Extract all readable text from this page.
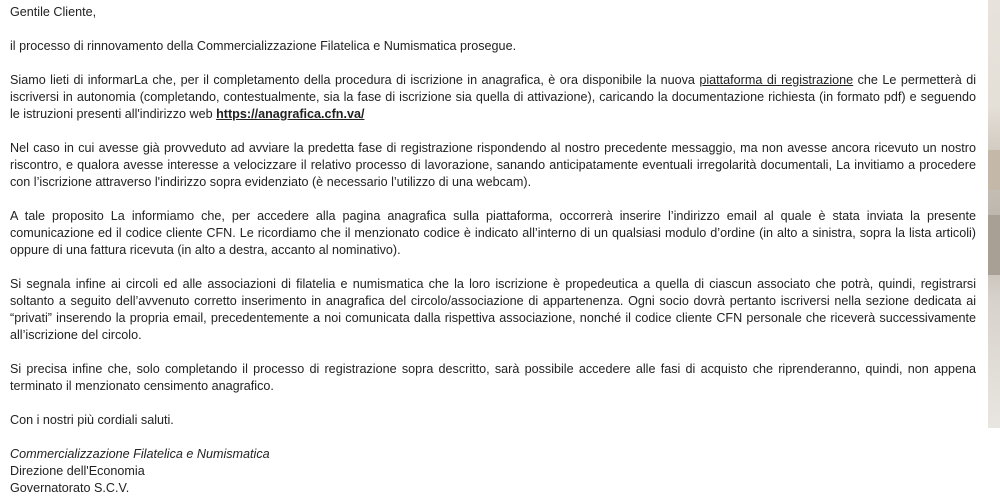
Gentile Cliente,

il processo di rinnovamento della Commercializzazione Filatelica e Numismatica prosegue.

Siamo lieti di informarLa che, per il completamento della procedura di iscrizione in anagrafica, è ora disponibile la nuova piattaforma di registrazione che Le permetterà di iscriversi in autonomia (completando, contestualmente, sia la fase di iscrizione sia quella di attivazione), caricando la documentazione richiesta (in formato pdf) e seguendo le istruzioni presenti all'indirizzo web https://anagrafica.cfn.va/

Nel caso in cui avesse già provveduto ad avviare la predetta fase di registrazione rispondendo al nostro precedente messaggio, ma non avesse ancora ricevuto un nostro riscontro, e qualora avesse interesse a velocizzare il relativo processo di lavorazione, sanando anticipatamente eventuali irregolarità documentali, La invitiamo a procedere con l’iscrizione attraverso l'indirizzo sopra evidenziato (è necessario l’utilizzo di una webcam).

A tale proposito La informiamo che, per accedere alla pagina anagrafica sulla piattaforma, occorrerà inserire l’indirizzo email al quale è stata inviata la presente comunicazione ed il codice cliente CFN. Le ricordiamo che il menzionato codice è indicato all’interno di un qualsiasi modulo d’ordine (in alto a sinistra, sopra la lista articoli) oppure di una fattura ricevuta (in alto a destra, accanto al nominativo).

Si segnala infine ai circoli ed alle associazioni di filatelia e numismatica che la loro iscrizione è propedeutica a quella di ciascun associato che potrà, quindi, registrarsi soltanto a seguito dell’avvenuto corretto inserimento in anagrafica del circolo/associazione di appartenenza. Ogni socio dovrà pertanto iscriversi nella sezione dedicata ai “privati” inserendo la propria email, precedentemente a noi comunicata dalla rispettiva associazione, nonché il codice cliente CFN personale che riceverà successivamente all’iscrizione del circolo.

Si precisa infine che, solo completando il processo di registrazione sopra descritto, sarà possibile accedere alle fasi di acquisto che riprenderanno, quindi, non appena terminato il menzionato censimento anagrafico.

Con i nostri più cordiali saluti.

Commercializzazione Filatelica e Numismatica
Direzione dell'Economia
Governatorato S.C.V.
